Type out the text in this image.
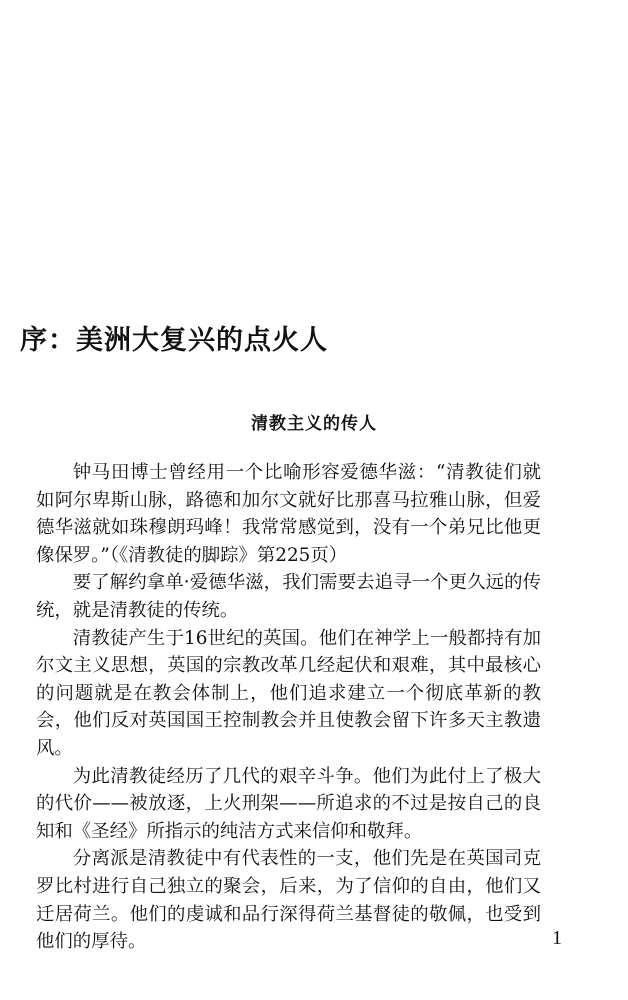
序：美洲大复兴的点火人
清教主义的传人

钟马田博士曾经用一个比喻形容爱德华滋：“清教徒们就如阿尔卑斯山脉，路德和加尔文就好比那喜马拉雅山脉，但爱德华滋就如珠穆朗玛峰！我常常感觉到，没有一个弟兄比他更像保罗。”（《清教徒的脚踪》第225页）

要了解约拿单·爱德华滋，我们需要去追寻一个更久远的传统，就是清教徒的传统。

清教徒产生于16世纪的英国。他们在神学上一般都持有加尔文主义思想，英国的宗教改革几经起伏和艰难，其中最核心的问题就是在教会体制上，他们追求建立一个彻底革新的教会，他们反对英国国王控制教会并且使教会留下许多天主教遗风。

为此清教徒经历了几代的艰辛斗争。他们为此付上了极大的代价——被放逐，上火刑架——所追求的不过是按自己的良知和《圣经》所指示的纯洁方式来信仰和敬拜。

分离派是清教徒中有代表性的一支，他们先是在英国司克罗比村进行自己独立的聚会，后来，为了信仰的自由，他们又迁居荷兰。他们的虔诚和品行深得荷兰基督徒的敬佩，也受到他们的厚待。	1
